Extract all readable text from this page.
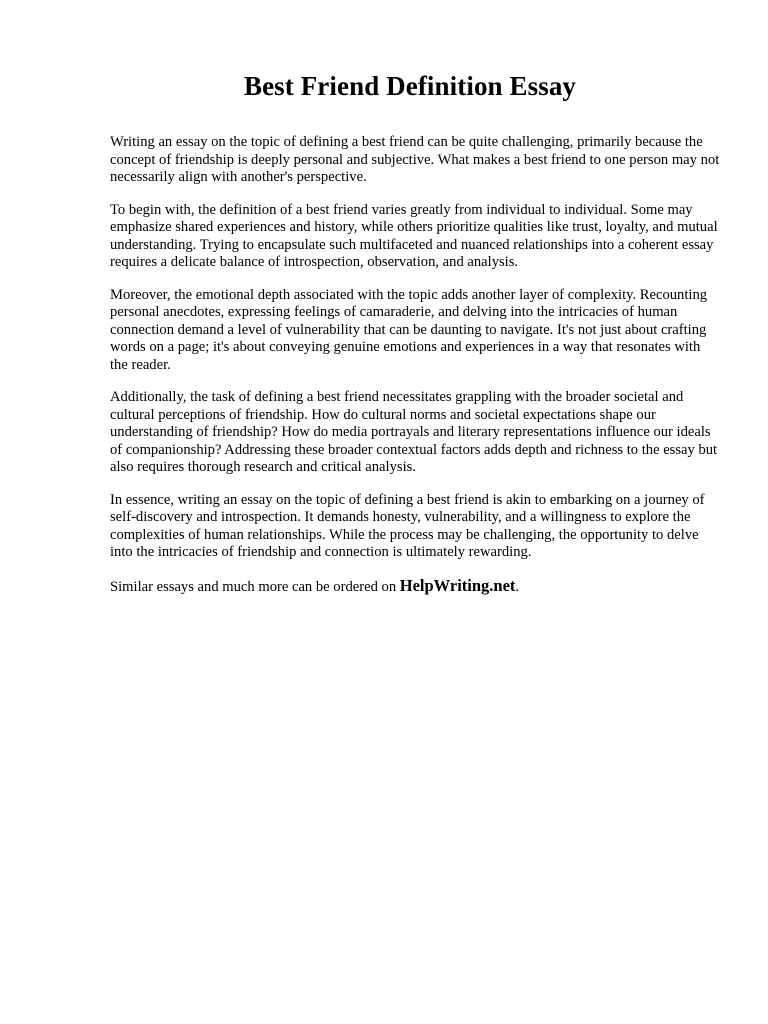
Best Friend Definition Essay

Writing an essay on the topic of defining a best friend can be quite challenging, primarily because the concept of friendship is deeply personal and subjective. What makes a best friend to one person may not necessarily align with another's perspective.

To begin with, the definition of a best friend varies greatly from individual to individual. Some may emphasize shared experiences and history, while others prioritize qualities like trust, loyalty, and mutual understanding. Trying to encapsulate such multifaceted and nuanced relationships into a coherent essay requires a delicate balance of introspection, observation, and analysis.

Moreover, the emotional depth associated with the topic adds another layer of complexity. Recounting personal anecdotes, expressing feelings of camaraderie, and delving into the intricacies of human connection demand a level of vulnerability that can be daunting to navigate. It's not just about crafting words on a page; it's about conveying genuine emotions and experiences in a way that resonates with the reader.

Additionally, the task of defining a best friend necessitates grappling with the broader societal and cultural perceptions of friendship. How do cultural norms and societal expectations shape our understanding of friendship? How do media portrayals and literary representations influence our ideals of companionship? Addressing these broader contextual factors adds depth and richness to the essay but also requires thorough research and critical analysis.

In essence, writing an essay on the topic of defining a best friend is akin to embarking on a journey of self-discovery and introspection. It demands honesty, vulnerability, and a willingness to explore the complexities of human relationships. While the process may be challenging, the opportunity to delve into the intricacies of friendship and connection is ultimately rewarding.

Similar essays and much more can be ordered on HelpWriting.net.
